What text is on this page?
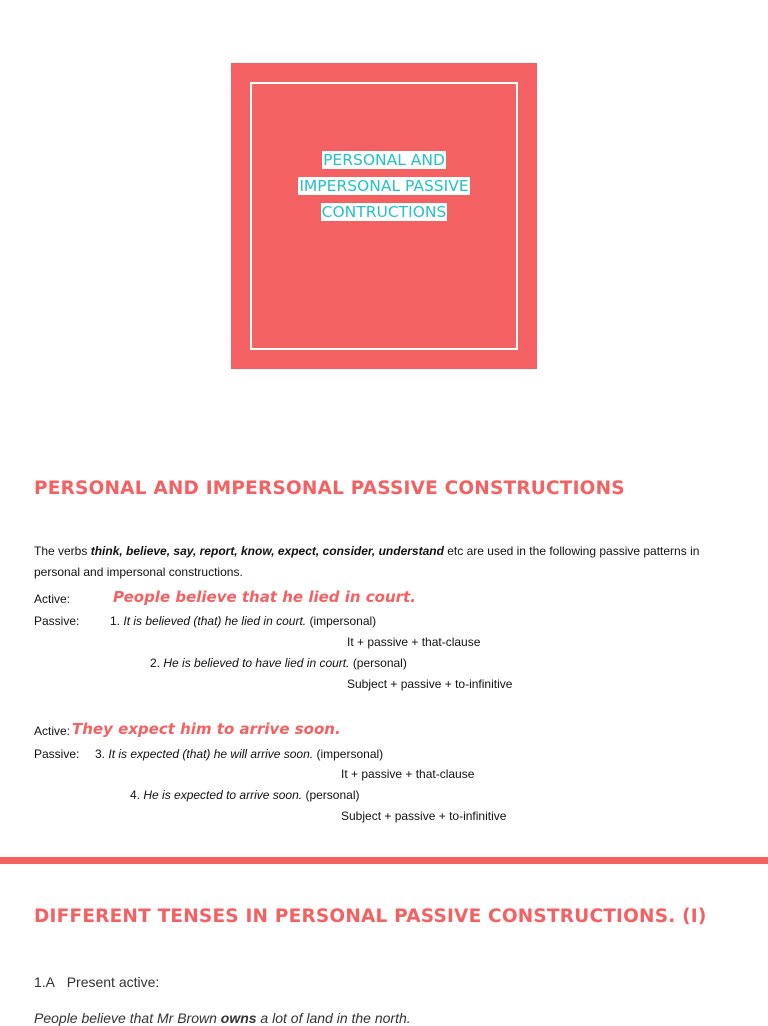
PERSONAL AND
IMPERSONAL PASSIVE
CONTRUCTIONS
PERSONAL AND IMPERSONAL PASSIVE CONSTRUCTIONS
The verbs think, believe, say, report, know, expect, consider, understand etc are used in the following passive patterns in personal and impersonal constructions.
Active:	People believe that he lied in court.
Passive:	1. It is believed (that) he lied in court. (impersonal)
It + passive + that-clause
2. He is believed to have lied in court. (personal)
Subject + passive + to-infinitive
Active: They expect him to arrive soon.
Passive: 3. It is expected (that) he will arrive soon. (impersonal)
It + passive + that-clause
4. He is expected to arrive soon. (personal)
Subject + passive + to-infinitive
DIFFERENT TENSES IN PERSONAL PASSIVE CONSTRUCTIONS. (I)
1.A Present active:
People believe that Mr Brown owns a lot of land in the north.
